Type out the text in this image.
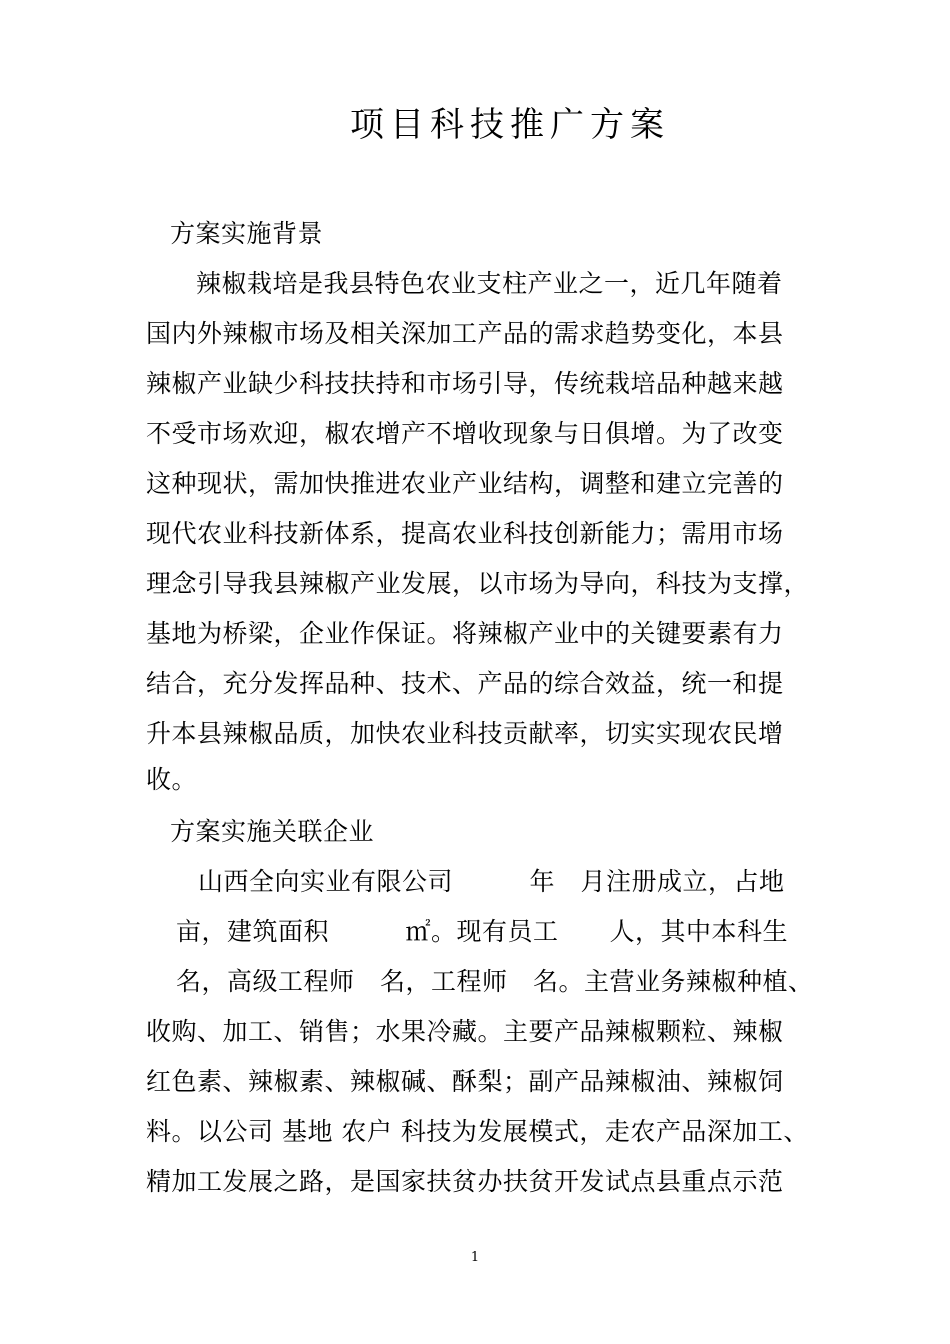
项目科技推广方案
方案实施背景
辣椒栽培是我县特色农业支柱产业之一，近几年随着
国内外辣椒市场及相关深加工产品的需求趋势变化，本县
辣椒产业缺少科技扶持和市场引导，传统栽培品种越来越
不受市场欢迎，椒农增产不增收现象与日俱增。为了改变
这种现状，需加快推进农业产业结构，调整和建立完善的
现代农业科技新体系，提高农业科技创新能力；需用市场
理念引导我县辣椒产业发展，以市场为导向，科技为支撑，
基地为桥梁，企业作保证。将辣椒产业中的关键要素有力
结合，充分发挥品种、技术、产品的综合效益，统一和提
升本县辣椒品质，加快农业科技贡献率，切实实现农民增
收。
方案实施关联企业
山西全向实业有限公司　　　年　月注册成立，占地
亩，建筑面积　　　㎡。现有员工　　人，其中本科生
名，高级工程师　名，工程师　名。主营业务辣椒种植、
收购、加工、销售；水果冷藏。主要产品辣椒颗粒、辣椒
红色素、辣椒素、辣椒碱、酥梨；副产品辣椒油、辣椒饲
料。以公司 基地 农户 科技为发展模式，走农产品深加工、
精加工发展之路，是国家扶贫办扶贫开发试点县重点示范
1
